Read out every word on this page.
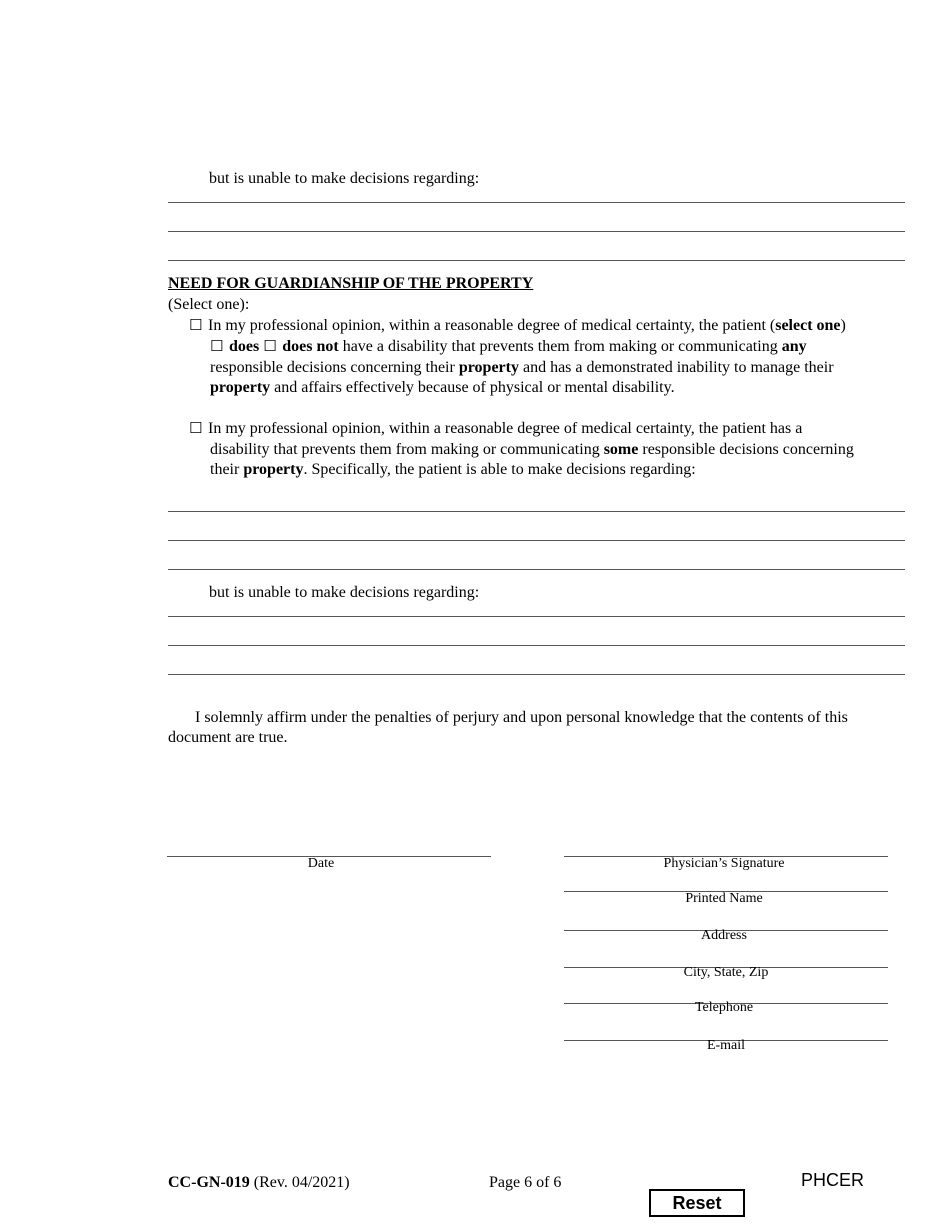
but is unable to make decisions regarding:
NEED FOR GUARDIANSHIP OF THE PROPERTY
(Select one):
☐ In my professional opinion, within a reasonable degree of medical certainty, the patient (select one)
☐ does ☐ does not have a disability that prevents them from making or communicating any
responsible decisions concerning their property and has a demonstrated inability to manage their
property and affairs effectively because of physical or mental disability.
☐ In my professional opinion, within a reasonable degree of medical certainty, the patient has a
disability that prevents them from making or communicating some responsible decisions concerning
their property. Specifically, the patient is able to make decisions regarding:
but is unable to make decisions regarding:
I solemnly affirm under the penalties of perjury and upon personal knowledge that the contents of this
document are true.
Date	Physician’s Signature
Printed Name
Address
City, State, Zip
Telephone
E-mail
CC-GN-019 (Rev. 04/2021)	Page 6 of 6
Reset
PHCER
